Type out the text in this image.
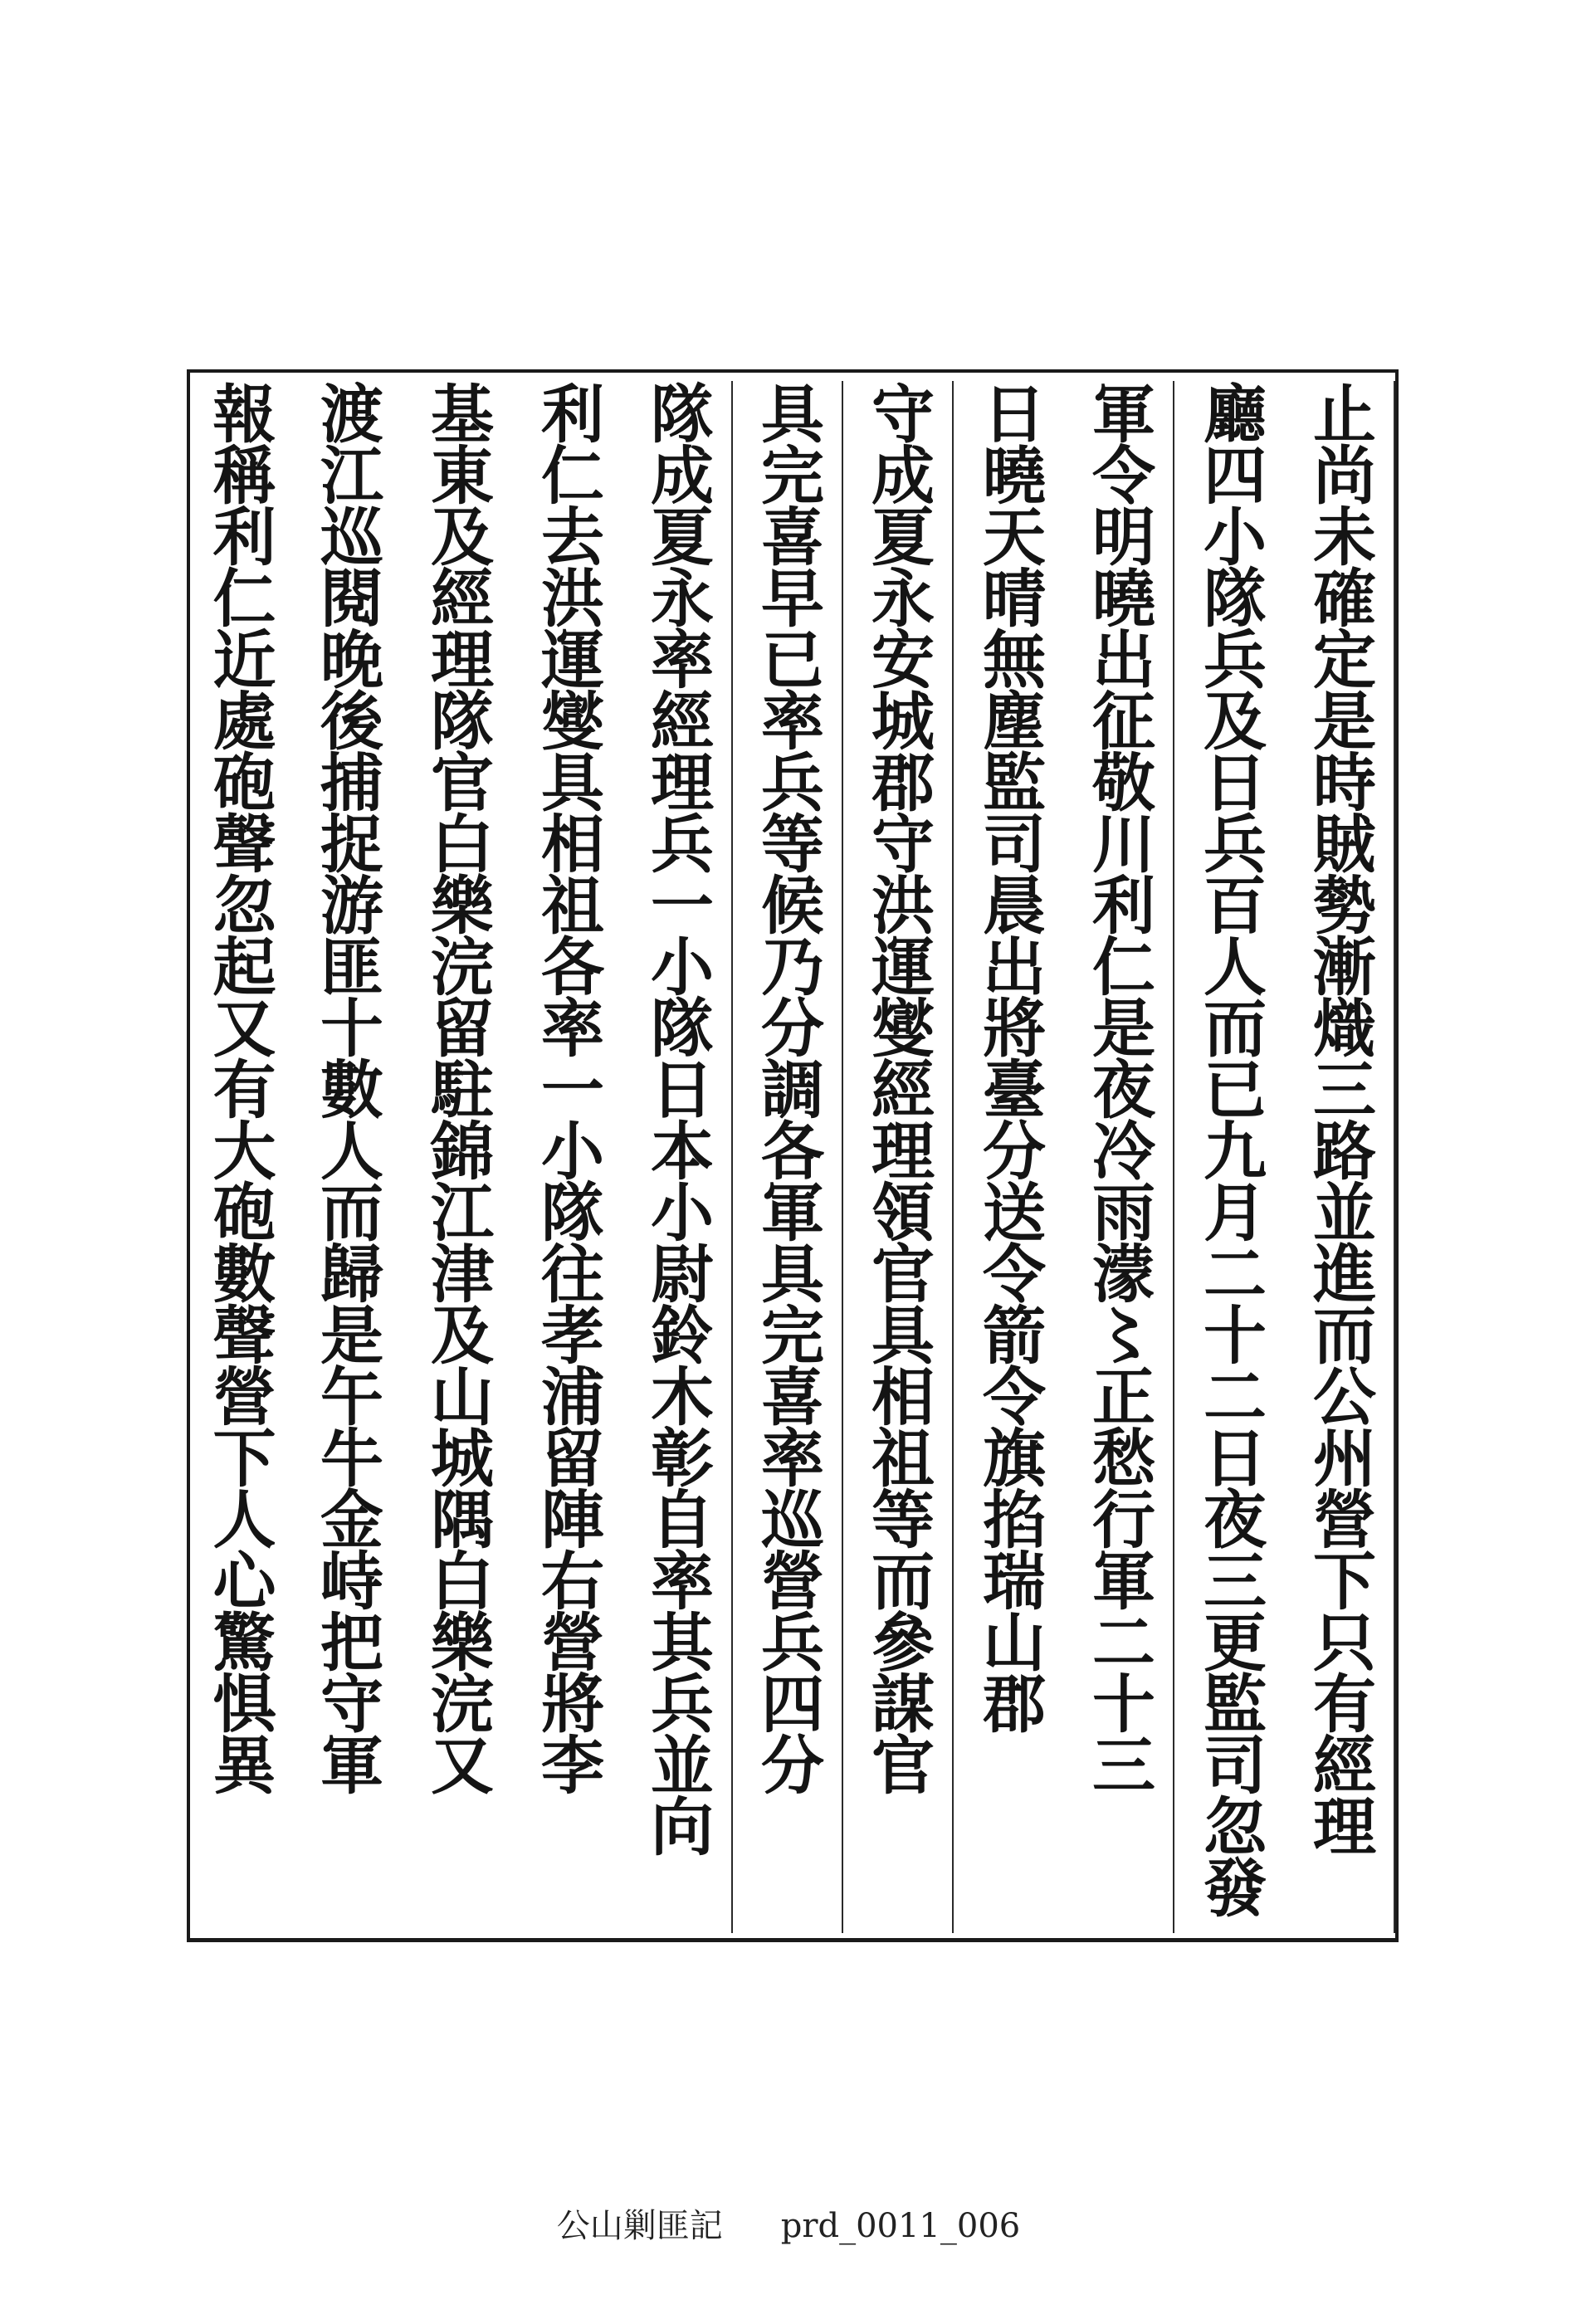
止尚未確定是時賊勢漸熾三路並進而公州營下只有經理
廳四小隊兵及日兵百人而已九月二十二日夜三更監司忽發
軍令明曉出征敬川利仁是夜冷雨濛〻正愁行軍二十三
日曉天晴無塵監司晨出將臺分送令箭令旗掐瑞山郡
守成夏永安城郡守洪運燮經理領官具相祖等而參謀官
具完喜早已率兵等候乃分調各軍具完喜率巡營兵四分
隊成夏永率經理兵一小隊日本小尉鈴木彰自率其兵並向
利仁去洪運燮具相祖各率一小隊往孝浦留陣右營將李
基東及經理隊官白樂浣留駐錦江津及山城隅白樂浣又
渡江巡閱晚後捕捉游匪十數人而歸是午牛金峙把守軍
報稱利仁近處砲聲忽起又有大砲數聲營下人心驚惧異
公山剿匪記 prd_0011_006
